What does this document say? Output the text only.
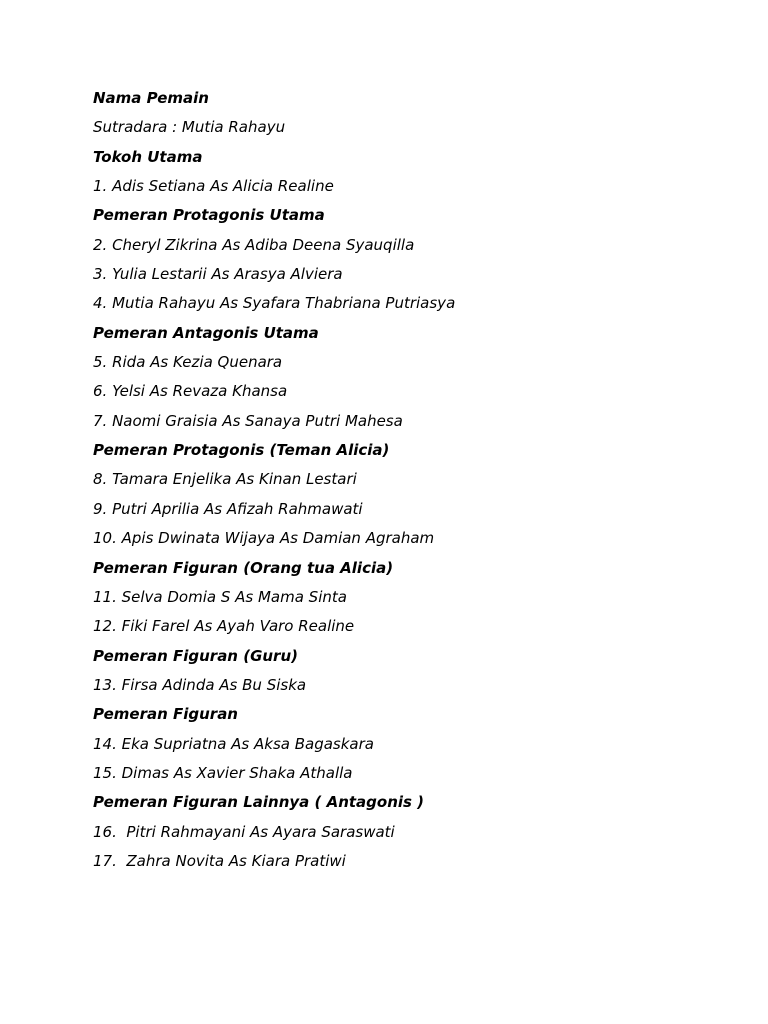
Nama Pemain
Sutradara : Mutia Rahayu
Tokoh Utama
1. Adis Setiana As Alicia Realine
Pemeran Protagonis Utama
2. Cheryl Zikrina As Adiba Deena Syauqilla
3. Yulia Lestarii As Arasya Alviera
4. Mutia Rahayu As Syafara Thabriana Putriasya
Pemeran Antagonis Utama
5. Rida As Kezia Quenara
6. Yelsi As Revaza Khansa
7. Naomi Graisia As Sanaya Putri Mahesa
Pemeran Protagonis (Teman Alicia)
8. Tamara Enjelika As Kinan Lestari
9. Putri Aprilia As Afizah Rahmawati
10. Apis Dwinata Wijaya As Damian Agraham
Pemeran Figuran (Orang tua Alicia)
11. Selva Domia S As Mama Sinta
12. Fiki Farel As Ayah Varo Realine
Pemeran Figuran (Guru)
13. Firsa Adinda As Bu Siska
Pemeran Figuran
14. Eka Supriatna As Aksa Bagaskara
15. Dimas As Xavier Shaka Athalla
Pemeran Figuran Lainnya ( Antagonis )
16.  Pitri Rahmayani As Ayara Saraswati
17.  Zahra Novita As Kiara Pratiwi
